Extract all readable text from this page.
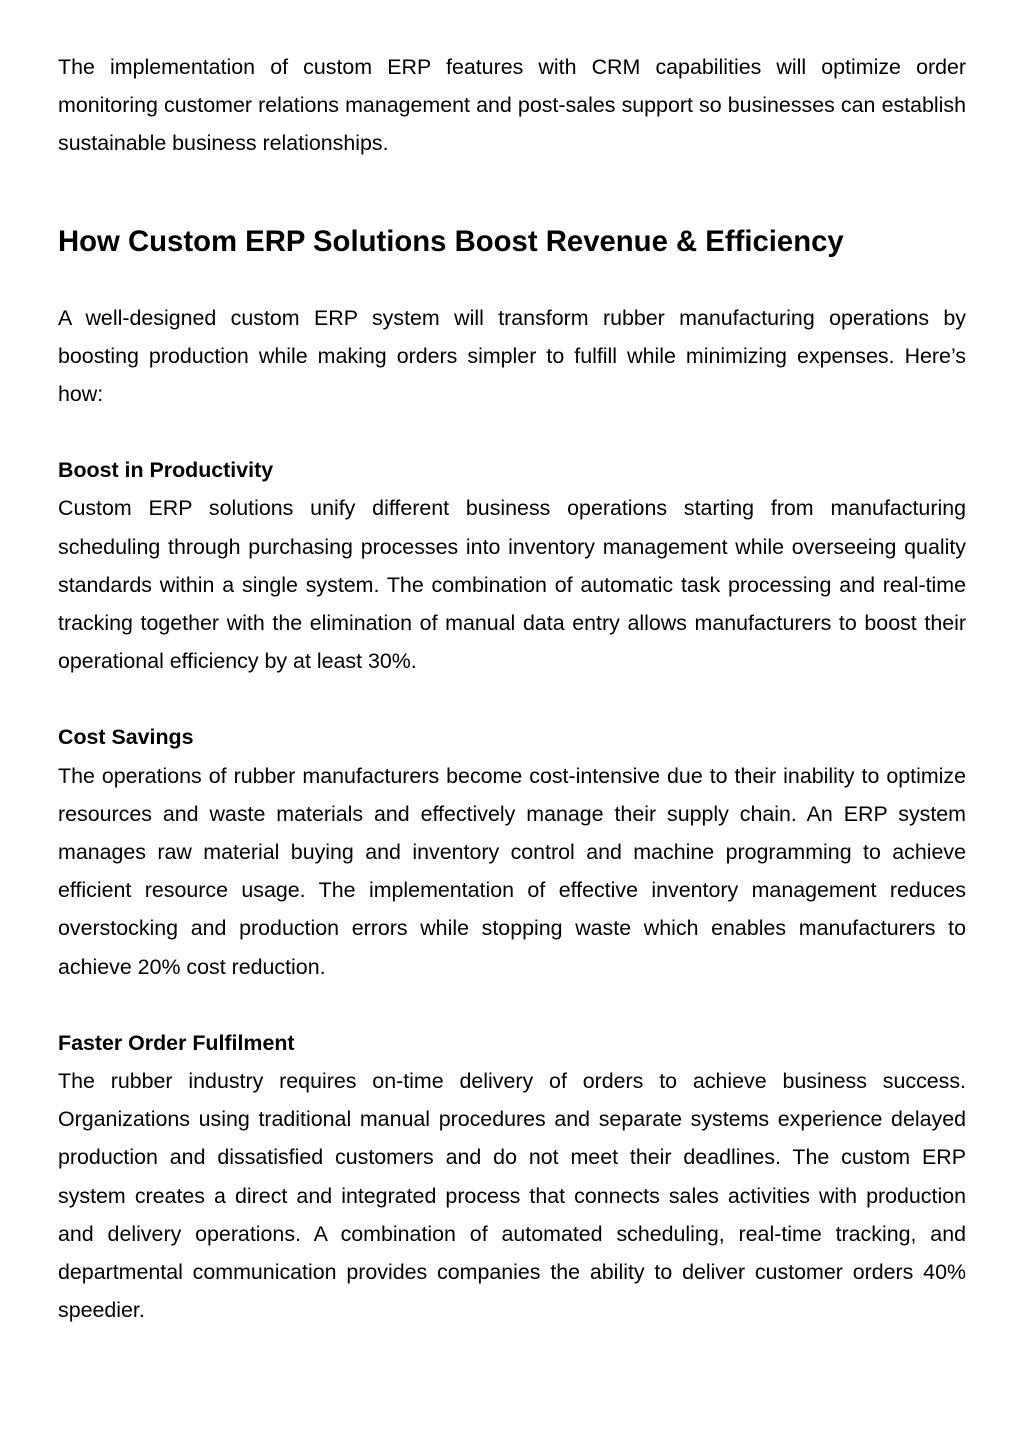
The implementation of custom ERP features with CRM capabilities will optimize order monitoring customer relations management and post-sales support so businesses can establish sustainable business relationships.

How Custom ERP Solutions Boost Revenue & Efficiency

A well-designed custom ERP system will transform rubber manufacturing operations by boosting production while making orders simpler to fulfill while minimizing expenses. Here’s how:

Boost in Productivity

Custom ERP solutions unify different business operations starting from manufacturing scheduling through purchasing processes into inventory management while overseeing quality standards within a single system. The combination of automatic task processing and real-time tracking together with the elimination of manual data entry allows manufacturers to boost their operational efficiency by at least 30%.

Cost Savings

The operations of rubber manufacturers become cost-intensive due to their inability to optimize resources and waste materials and effectively manage their supply chain. An ERP system manages raw material buying and inventory control and machine programming to achieve efficient resource usage. The implementation of effective inventory management reduces overstocking and production errors while stopping waste which enables manufacturers to achieve 20% cost reduction.

Faster Order Fulfilment

The rubber industry requires on-time delivery of orders to achieve business success. Organizations using traditional manual procedures and separate systems experience delayed production and dissatisfied customers and do not meet their deadlines. The custom ERP system creates a direct and integrated process that connects sales activities with production and delivery operations. A combination of automated scheduling, real-time tracking, and departmental communication provides companies the ability to deliver customer orders 40% speedier.
